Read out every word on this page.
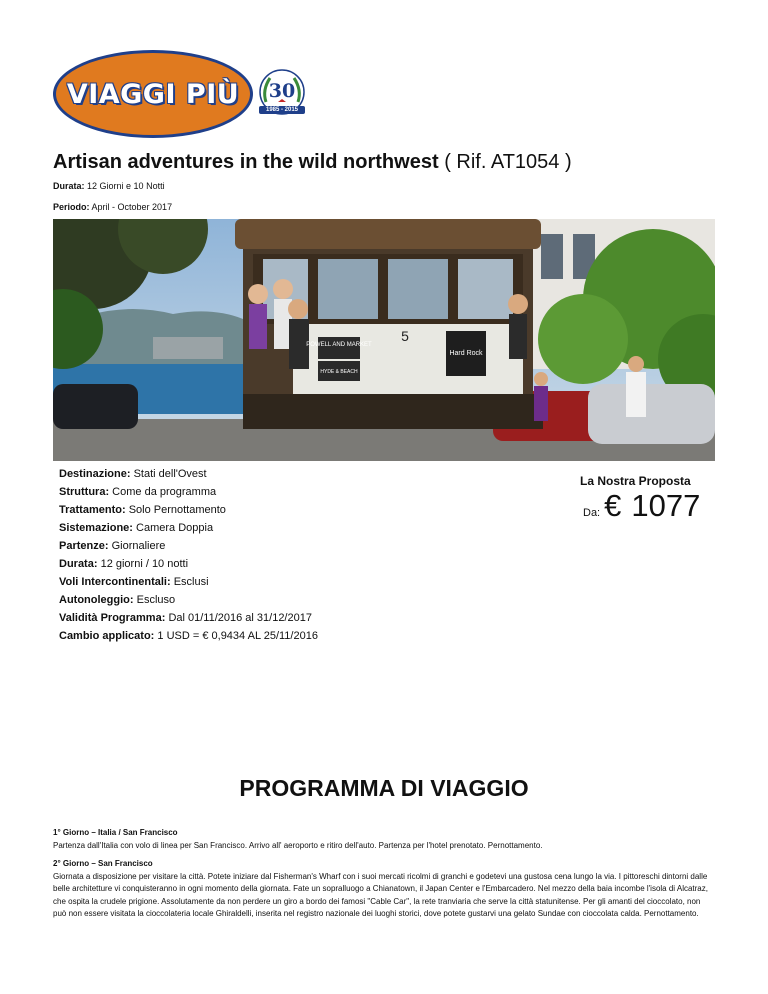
VIAGGI PIÙ	30
1985 - 2015
Artisan adventures in the wild northwest ( Rif. AT1054 )
Durata: 12 Giorni e 10 Notti
Periodo: April - October 2017
POWELL AND MARKET
HYDE & BEACH
5
Hard Rock
Destinazione: Stati dell'Ovest
Struttura: Come da programma
Trattamento: Solo Pernottamento
Sistemazione: Camera Doppia
Partenze: Giornaliere
Durata: 12 giorni / 10 notti
Voli Intercontinentali: Esclusi
Autonoleggio: Escluso
Validità Programma: Dal 01/11/2016 al 31/12/2017
Cambio applicato: 1 USD = € 0,9434 AL 25/11/2016
La Nostra Proposta
Da: € 1077
PROGRAMMA DI VIAGGIO
1° Giorno – Italia / San Francisco
Partenza dall'Italia con volo di linea per San Francisco. Arrivo all' aeroporto e ritiro dell'auto. Partenza per l'hotel prenotato. Pernottamento.
2° Giorno – San Francisco
Giornata a disposizione per visitare la città. Potete iniziare dal Fisherman's Wharf con i suoi mercati ricolmi di granchi e godetevi una gustosa cena lungo la via. I pittoreschi dintorni dalle belle architetture vi conquisteranno in ogni momento della giornata. Fate un sopralluogo a Chianatown, il Japan Center e l'Embarcadero. Nel mezzo della baia incombe l'isola di Alcatraz, che ospita la crudele prigione. Assolutamente da non perdere un giro a bordo dei famosi "Cable Car", la rete tranviaria che serve la città statunitense. Per gli amanti del cioccolato, non può non essere visitata la cioccolateria locale Ghiraldelli, inserita nel registro nazionale dei luoghi storici, dove potete gustarvi una gelato Sundae con cioccolata calda. Pernottamento.
